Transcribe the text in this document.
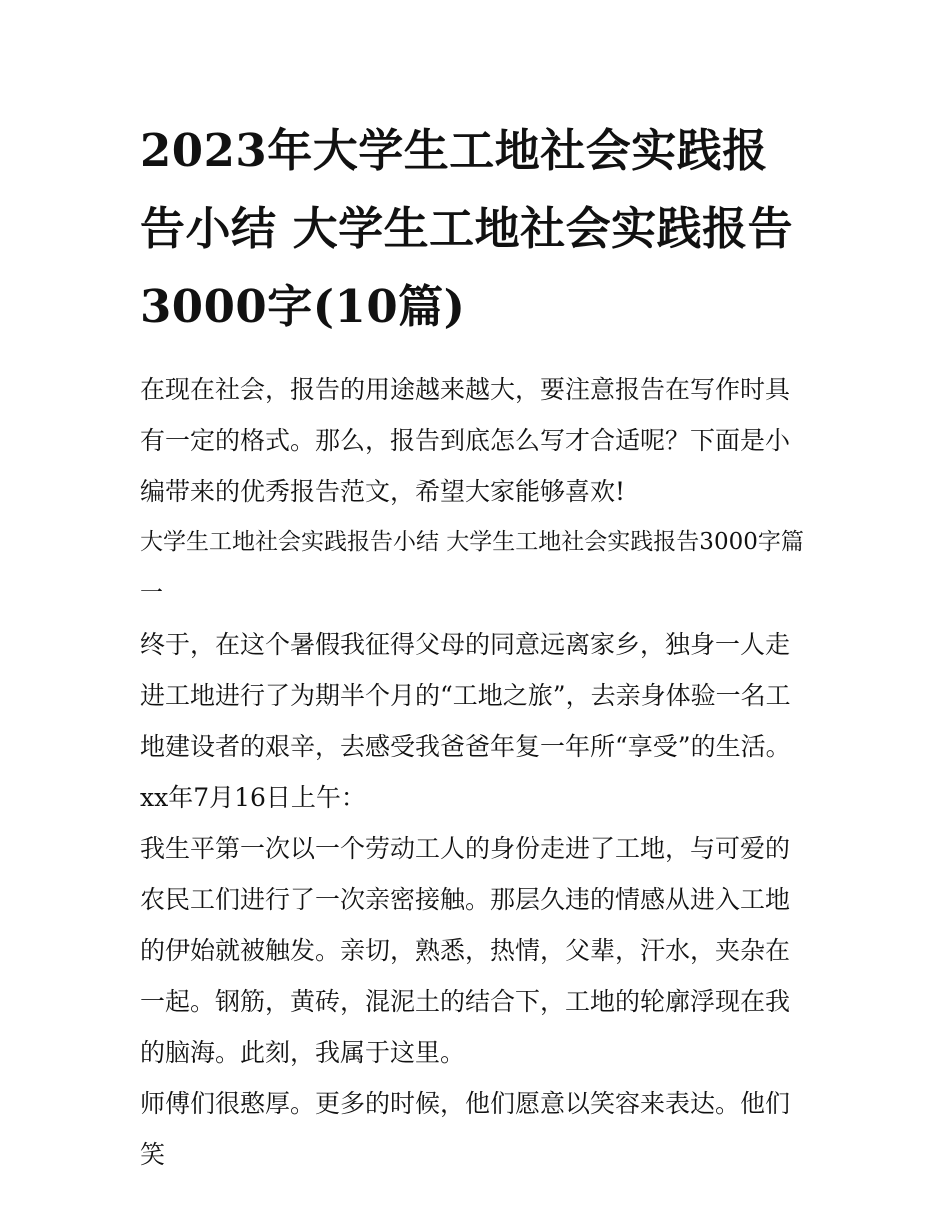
2023年大学生工地社会实践报告小结 大学生工地社会实践报告3000字(10篇)

在现在社会，报告的用途越来越大，要注意报告在写作时具有一定的格式。那么，报告到底怎么写才合适呢？下面是小编带来的优秀报告范文，希望大家能够喜欢!

大学生工地社会实践报告小结 大学生工地社会实践报告3000字篇一

终于，在这个暑假我征得父母的同意远离家乡，独身一人走进工地进行了为期半个月的“工地之旅”，去亲身体验一名工地建设者的艰辛，去感受我爸爸年复一年所“享受”的生活。

xx年7月16日上午：

我生平第一次以一个劳动工人的身份走进了工地，与可爱的农民工们进行了一次亲密接触。那层久违的情感从进入工地的伊始就被触发。亲切，熟悉，热情，父辈，汗水，夹杂在一起。钢筋，黄砖，混泥土的结合下，工地的轮廓浮现在我的脑海。此刻，我属于这里。

师傅们很憨厚。更多的时候，他们愿意以笑容来表达。他们笑
